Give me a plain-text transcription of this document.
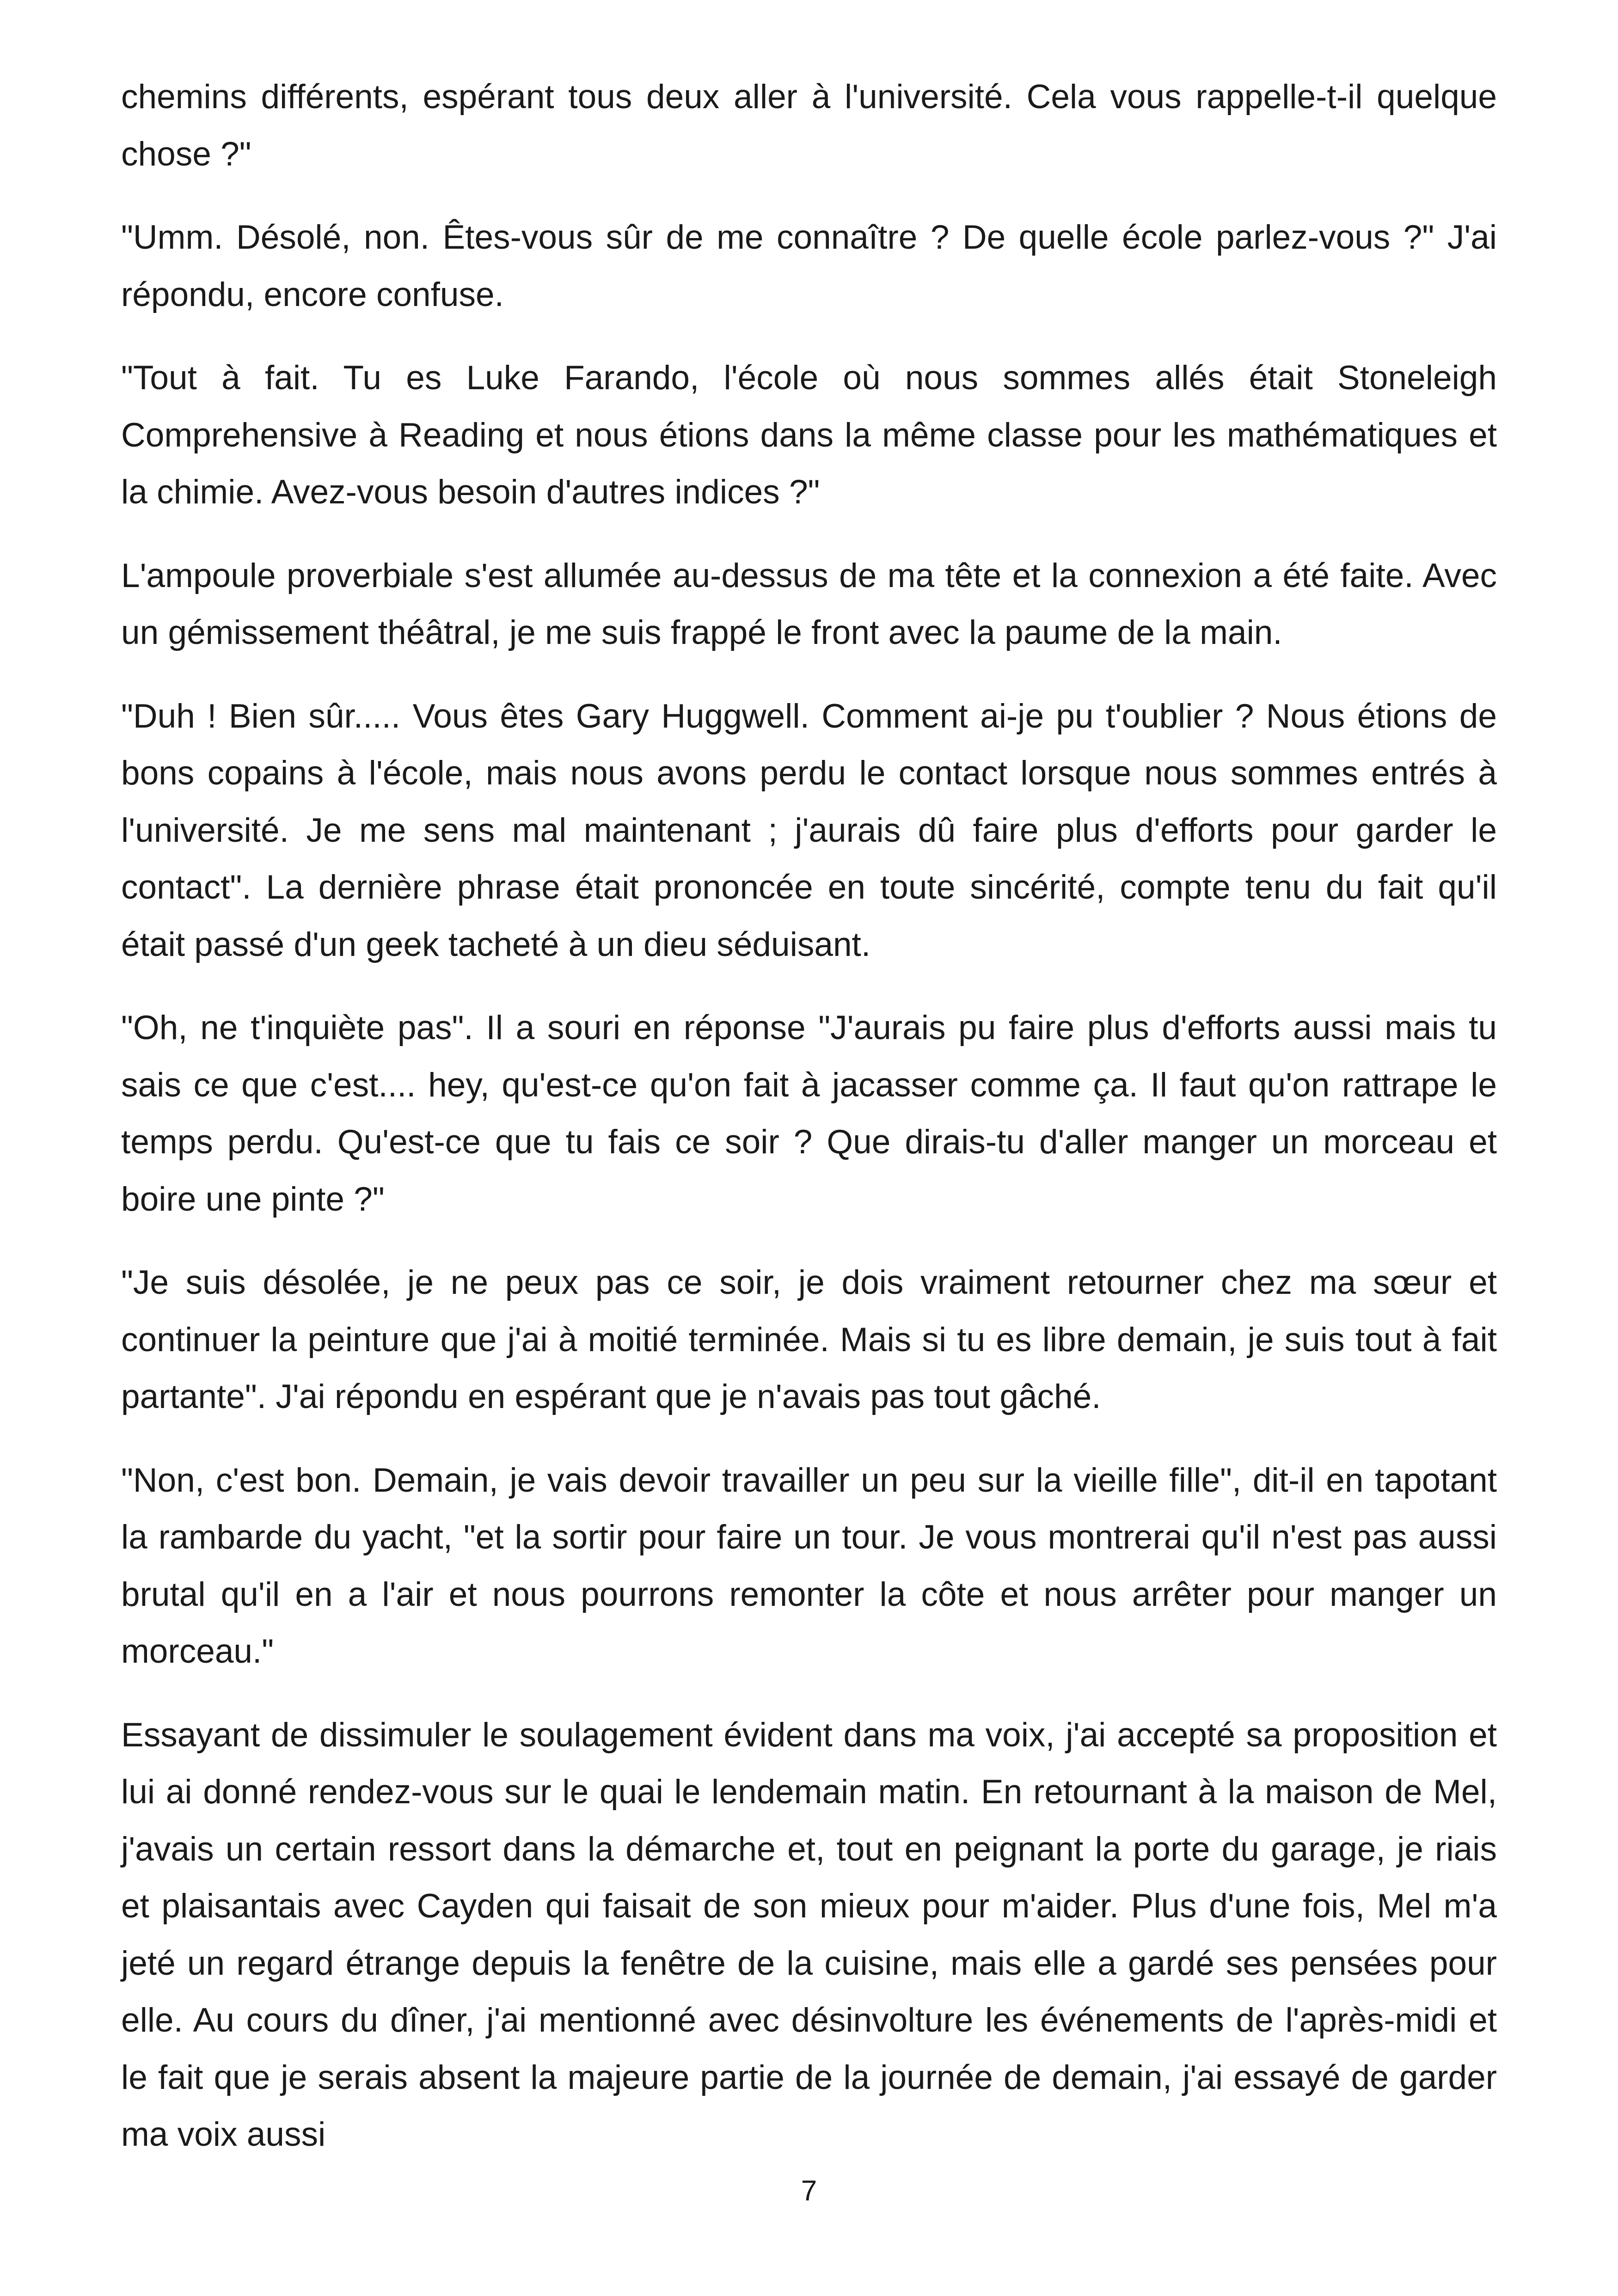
chemins différents, espérant tous deux aller à l'université. Cela vous rappelle-t-il quelque chose ?"

"Umm. Désolé, non. Êtes-vous sûr de me connaître ? De quelle école parlez-vous ?" J'ai répondu, encore confuse.

"Tout à fait. Tu es Luke Farando, l'école où nous sommes allés était Stoneleigh Comprehensive à Reading et nous étions dans la même classe pour les mathématiques et la chimie. Avez-vous besoin d'autres indices ?"

L'ampoule proverbiale s'est allumée au-dessus de ma tête et la connexion a été faite. Avec un gémissement théâtral, je me suis frappé le front avec la paume de la main.

"Duh ! Bien sûr..... Vous êtes Gary Huggwell. Comment ai-je pu t'oublier ? Nous étions de bons copains à l'école, mais nous avons perdu le contact lorsque nous sommes entrés à l'université. Je me sens mal maintenant ; j'aurais dû faire plus d'efforts pour garder le contact". La dernière phrase était prononcée en toute sincérité, compte tenu du fait qu'il était passé d'un geek tacheté à un dieu séduisant.

"Oh, ne t'inquiète pas". Il a souri en réponse "J'aurais pu faire plus d'efforts aussi mais tu sais ce que c'est.... hey, qu'est-ce qu'on fait à jacasser comme ça. Il faut qu'on rattrape le temps perdu. Qu'est-ce que tu fais ce soir ? Que dirais-tu d'aller manger un morceau et boire une pinte ?"

"Je suis désolée, je ne peux pas ce soir, je dois vraiment retourner chez ma sœur et continuer la peinture que j'ai à moitié terminée. Mais si tu es libre demain, je suis tout à fait partante". J'ai répondu en espérant que je n'avais pas tout gâché.

"Non, c'est bon. Demain, je vais devoir travailler un peu sur la vieille fille", dit-il en tapotant la rambarde du yacht, "et la sortir pour faire un tour. Je vous montrerai qu'il n'est pas aussi brutal qu'il en a l'air et nous pourrons remonter la côte et nous arrêter pour manger un morceau."

Essayant de dissimuler le soulagement évident dans ma voix, j'ai accepté sa proposition et lui ai donné rendez-vous sur le quai le lendemain matin. En retournant à la maison de Mel, j'avais un certain ressort dans la démarche et, tout en peignant la porte du garage, je riais et plaisantais avec Cayden qui faisait de son mieux pour m'aider. Plus d'une fois, Mel m'a jeté un regard étrange depuis la fenêtre de la cuisine, mais elle a gardé ses pensées pour elle. Au cours du dîner, j'ai mentionné avec désinvolture les événements de l'après-midi et le fait que je serais absent la majeure partie de la journée de demain, j'ai essayé de garder ma voix aussi

7
